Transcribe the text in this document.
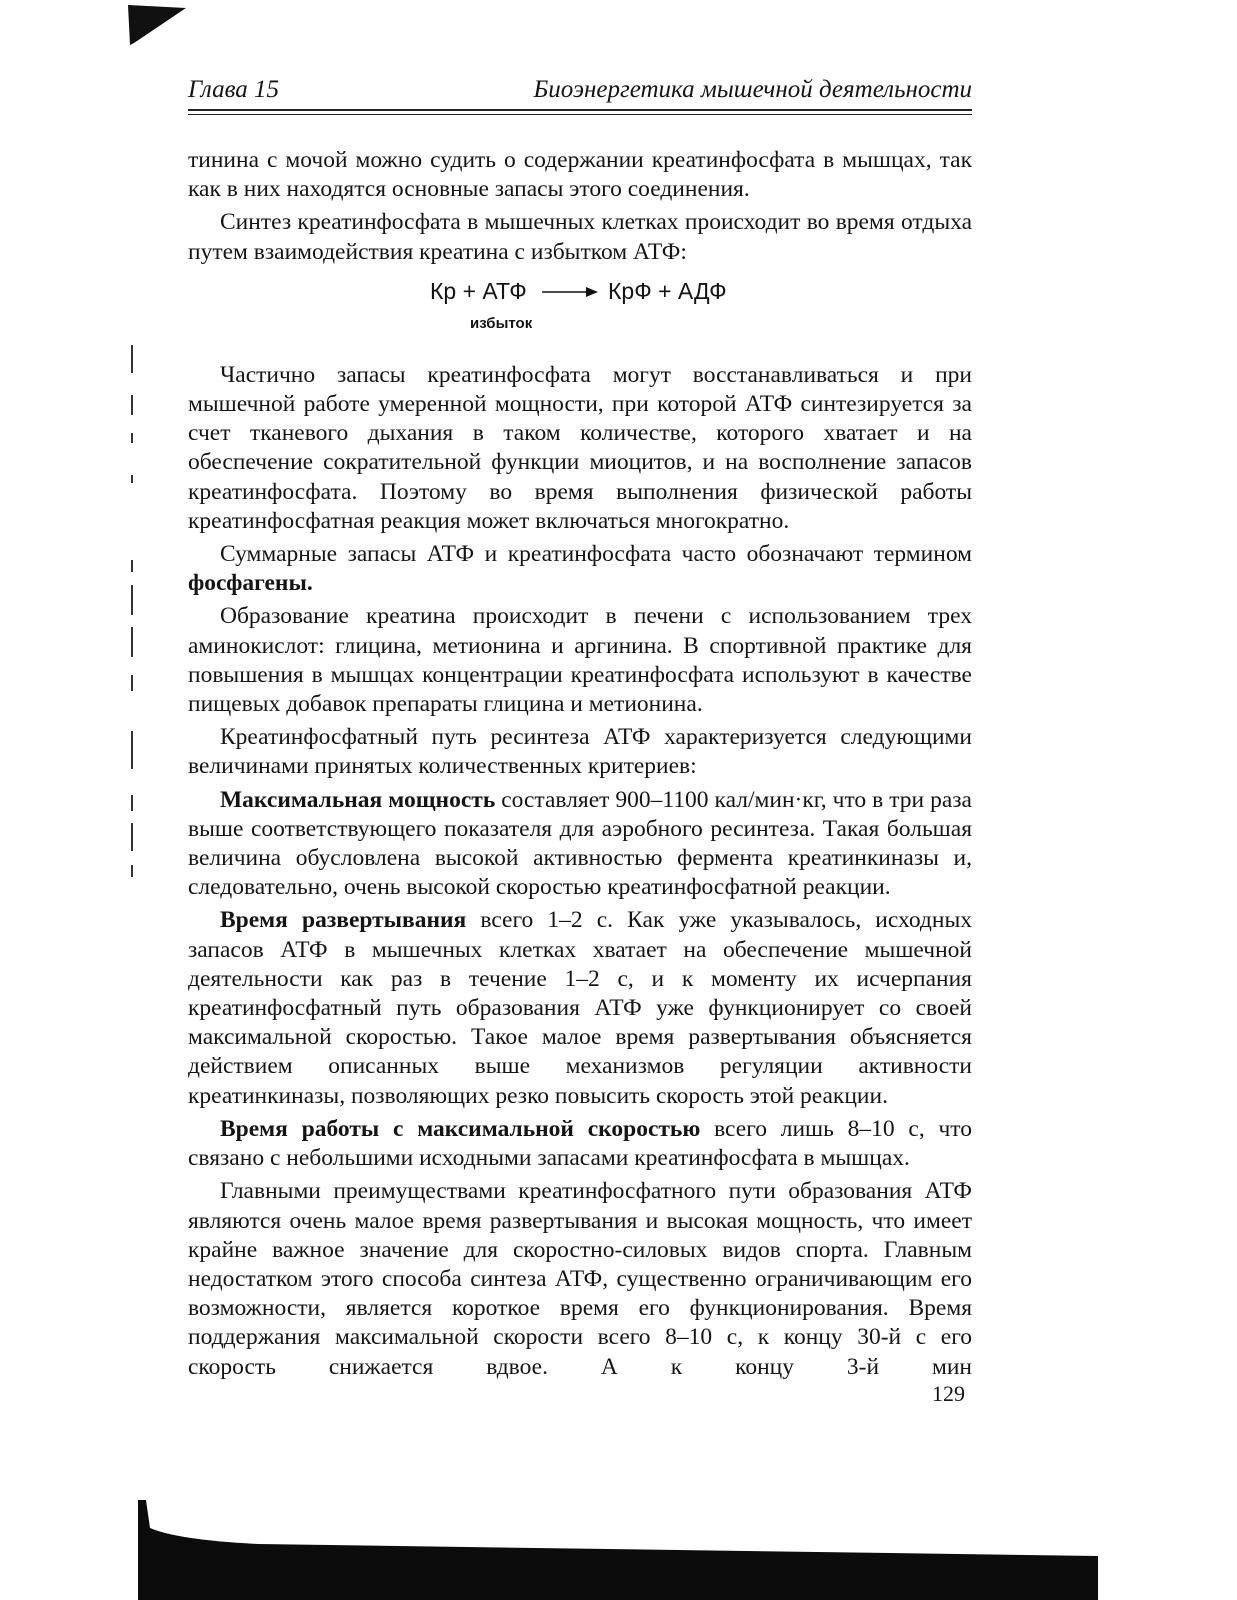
Глава 15	Биоэнергетика мышечной деятельности

тинина с мочой можно судить о содержании креатинфосфата в мышцах, так как в них находятся основные запасы этого соединения.

Синтез креатинфосфата в мышечных клетках происходит во время отдыха путем взаимодействия креатина с избытком АТФ:

Кр + АТФ → КрФ + АДФ
избыток

Частично запасы креатинфосфата могут восстанавливаться и при мышечной работе умеренной мощности, при которой АТФ синтезируется за счет тканевого дыхания в таком количестве, которого хватает и на обеспечение сократительной функции миоцитов, и на восполнение запасов креатинфосфата. Поэтому во время выполнения физической работы креатинфосфатная реакция может включаться многократно.

Суммарные запасы АТФ и креатинфосфата часто обозначают термином фосфагены.

Образование креатина происходит в печени с использованием трех аминокислот: глицина, метионина и аргинина. В спортивной практике для повышения в мышцах концентрации креатинфосфата используют в качестве пищевых добавок препараты глицина и метионина.

Креатинфосфатный путь ресинтеза АТФ характеризуется следующими величинами принятых количественных критериев:

Максимальная мощность составляет 900–1100 кал/мин·кг, что в три раза выше соответствующего показателя для аэробного ресинтеза. Такая большая величина обусловлена высокой активностью фермента креатинкиназы и, следовательно, очень высокой скоростью креатинфосфатной реакции.

Время развертывания всего 1–2 с. Как уже указывалось, исходных запасов АТФ в мышечных клетках хватает на обеспечение мышечной деятельности как раз в течение 1–2 с, и к моменту их исчерпания креатинфосфатный путь образования АТФ уже функционирует со своей максимальной скоростью. Такое малое время развертывания объясняется действием описанных выше механизмов регуляции активности креатинкиназы, позволяющих резко повысить скорость этой реакции.

Время работы с максимальной скоростью всего лишь 8–10 с, что связано с небольшими исходными запасами креатинфосфата в мышцах.

Главными преимуществами креатинфосфатного пути образования АТФ являются очень малое время развертывания и высокая мощность, что имеет крайне важное значение для скоростно-силовых видов спорта. Главным недостатком этого способа синтеза АТФ, существенно ограничивающим его возможности, является короткое время его функционирования. Время поддержания максимальной скорости всего 8–10 с, к концу 30-й с его скорость снижается вдвое. А к концу 3-й мин

129
